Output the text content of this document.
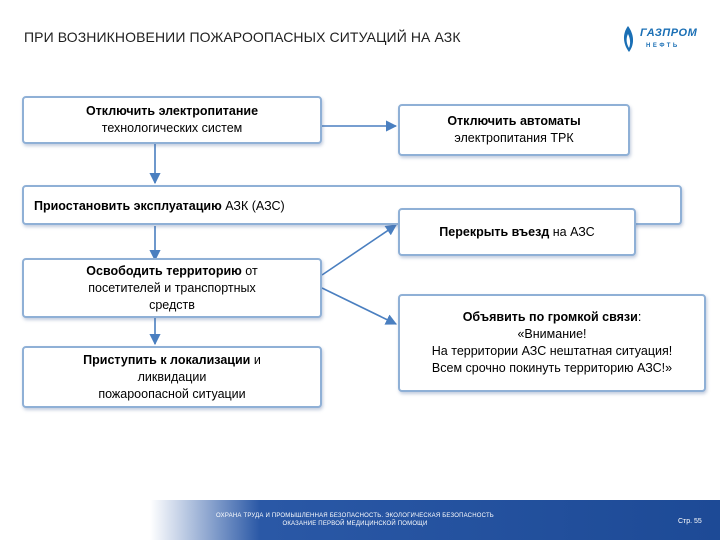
ПРИ ВОЗНИКНОВЕНИИ ПОЖАРООПАСНЫХ СИТУАЦИЙ НА АЗК	ГАЗПРОМ
НЕФТЬ
Отключить электропитание
технологических систем	Отключить автоматы
электропитания ТРК
Приостановить эксплуатацию АЗК (АЗС)
Перекрыть въезд на АЗС
Освободить территорию от
посетителей и транспортных
средств
Объявить по громкой связи:
«Внимание!
На территории АЗС нештатная ситуация!
Всем срочно покинуть территорию АЗС!»
Приступить к локализации и
ликвидации
пожароопасной ситуации
ОХРАНА ТРУДА И ПРОМЫШЛЕННАЯ БЕЗОПАСНОСТЬ. ЭКОЛОГИЧЕСКАЯ БЕЗОПАСНОСТЬ
ОКАЗАНИЕ ПЕРВОЙ МЕДИЦИНСКОЙ ПОМОЩИ	Стр. 55
